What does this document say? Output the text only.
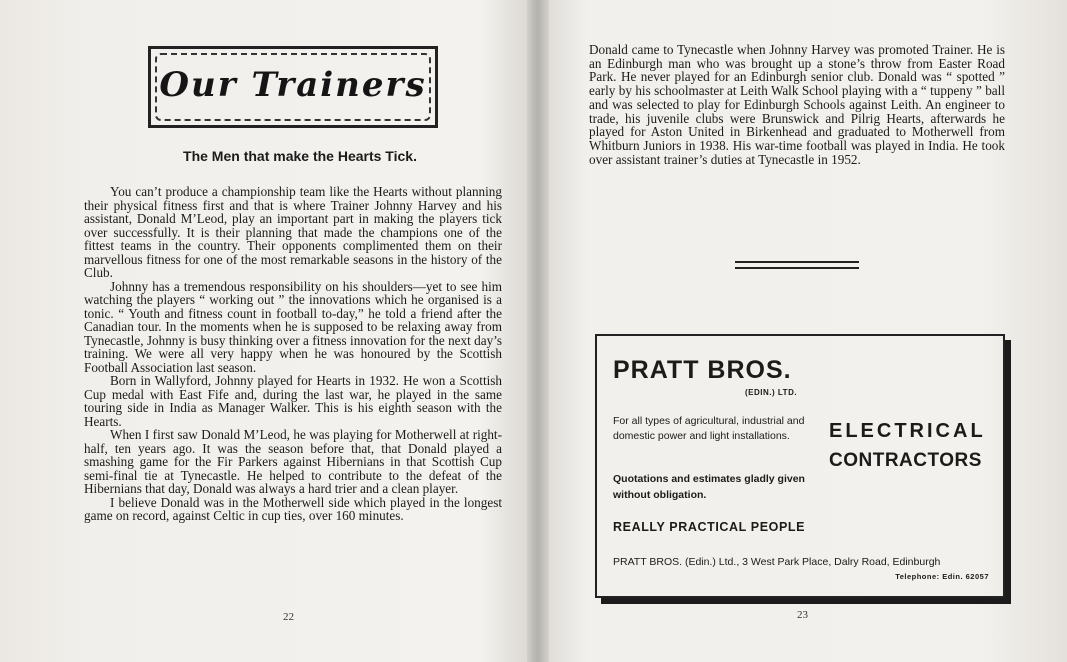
Our Trainers
The Men that make the Hearts Tick.

You can’t produce a championship team like the Hearts without planning their physical fitness first and that is where Trainer Johnny Harvey and his assistant, Donald M’Leod, play an important part in making the players tick over successfully. It is their planning that made the champions one of the fittest teams in the country. Their opponents complimented them on their marvellous fitness for one of the most remarkable seasons in the history of the Club.

Johnny has a tremendous responsibility on his shoulders—yet to see him watching the players “ working out ” the innovations which he organised is a tonic. “ Youth and fitness count in football to-day,” he told a friend after the Canadian tour. In the moments when he is supposed to be relaxing away from Tynecastle, Johnny is busy thinking over a fitness innovation for the next day’s training. We were all very happy when he was honoured by the Scottish Football Association last season.

Born in Wallyford, Johnny played for Hearts in 1932. He won a Scottish Cup medal with East Fife and, during the last war, he played in the same touring side in India as Manager Walker. This is his eighth season with the Hearts.

When I first saw Donald M’Leod, he was playing for Motherwell at right-half, ten years ago. It was the season before that, that Donald played a smashing game for the Fir Parkers against Hibernians in that Scottish Cup semi-final tie at Tynecastle. He helped to contribute to the defeat of the Hibernians that day, Donald was always a hard trier and a clean player.

I believe Donald was in the Motherwell side which played in the longest game on record, against Celtic in cup ties, over 160 minutes.

22

Donald came to Tynecastle when Johnny Harvey was promoted Trainer. He is an Edinburgh man who was brought up a stone’s throw from Easter Road Park. He never played for an Edinburgh senior club. Donald was “ spotted ” early by his schoolmaster at Leith Walk School playing with a “ tuppeny ” ball and was selected to play for Edinburgh Schools against Leith. An engineer to trade, his juvenile clubs were Brunswick and Pilrig Hearts, afterwards he played for Aston United in Birkenhead and graduated to Motherwell from Whitburn Juniors in 1938. His war-time football was played in India. He took over assistant trainer’s duties at Tynecastle in 1952.

PRATT BROS.
(EDIN.) LTD.
For all types of agricultural, industrial and domestic power and light installations.	ELECTRICAL
CONTRACTORS
Quotations and estimates gladly given without obligation.
REALLY PRACTICAL PEOPLE
PRATT BROS. (Edin.) Ltd., 3 West Park Place, Dalry Road, Edinburgh
Telephone: Edin. 62057
23
